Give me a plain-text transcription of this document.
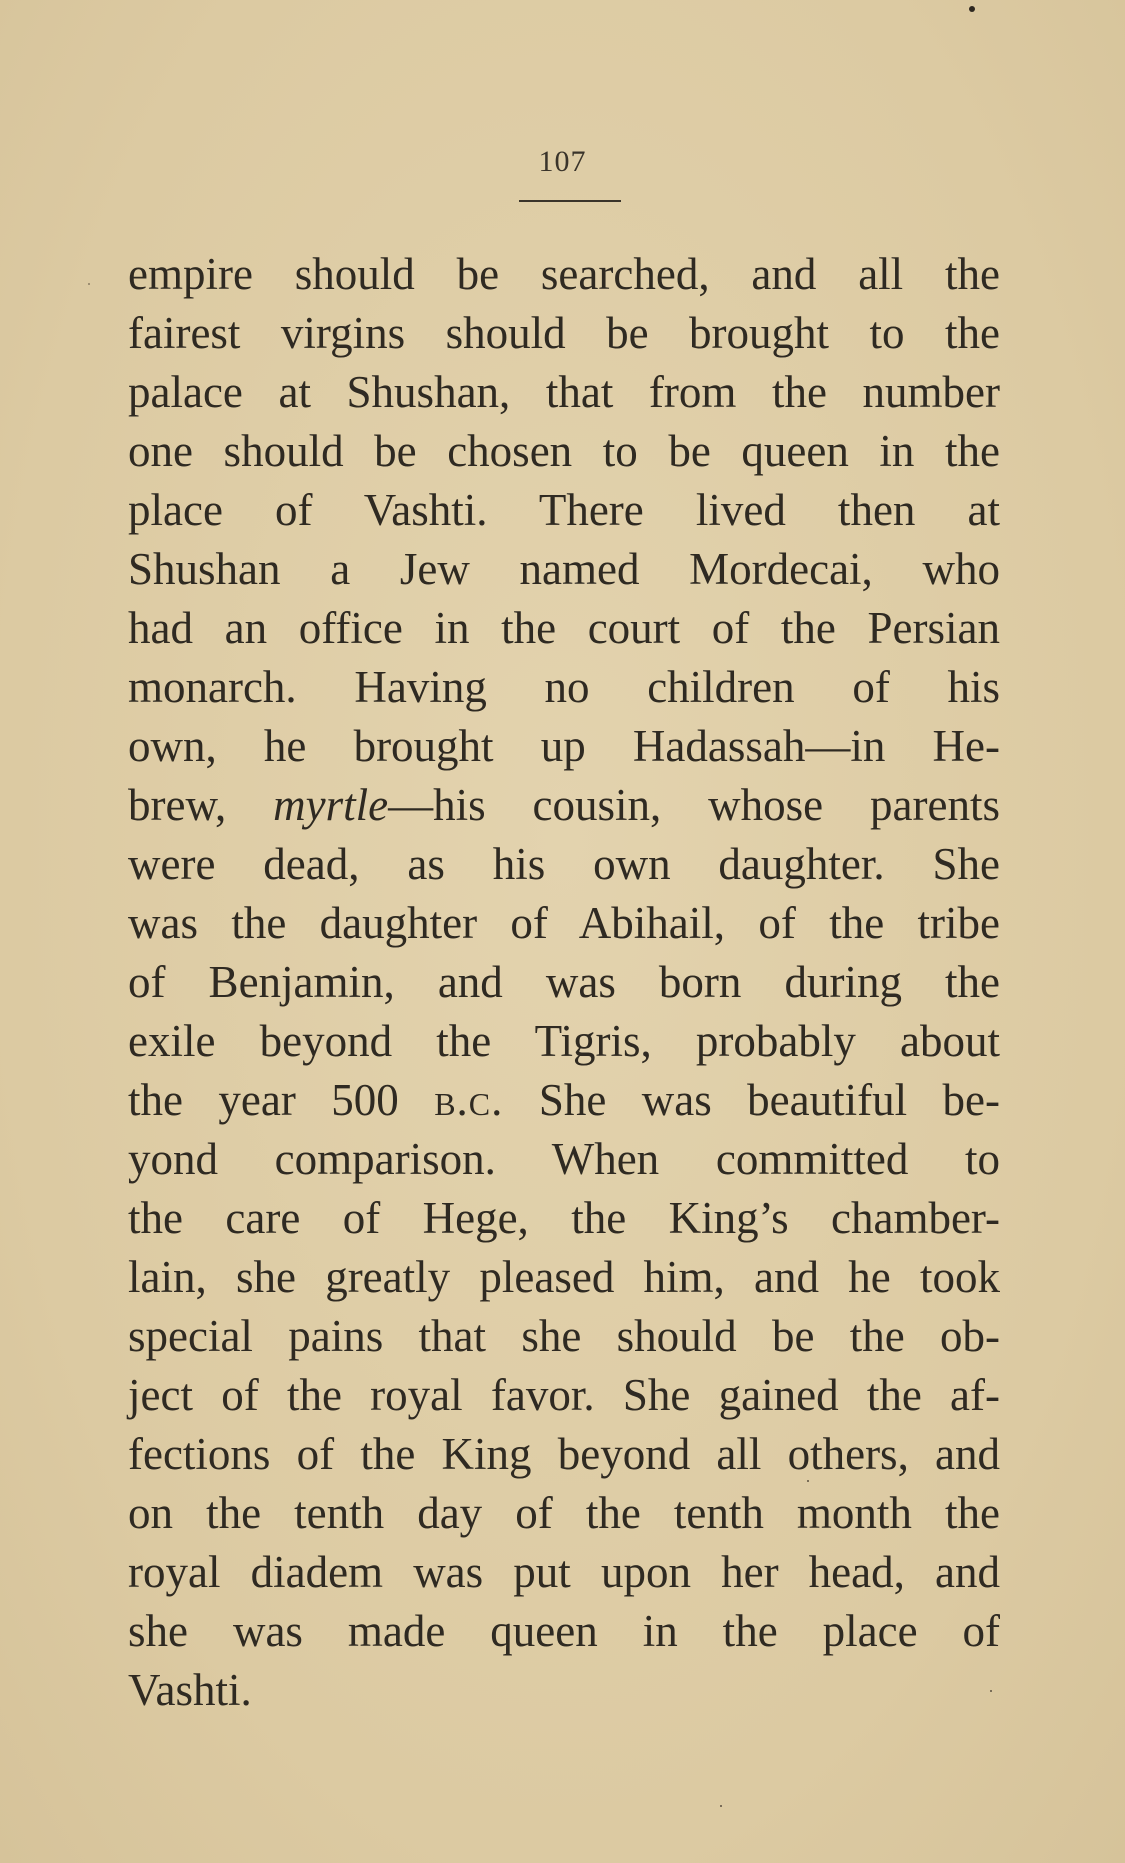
107
empire should be searched, and all the
fairest virgins should be brought to the
palace at Shushan, that from the number
one should be chosen to be queen in the
place of Vashti. There lived then at
Shushan a Jew named Mordecai, who
had an office in the court of the Persian
monarch. Having no children of his
own, he brought up Hadassah—in He-
brew, myrtle—his cousin, whose parents
were dead, as his own daughter. She
was the daughter of Abihail, of the tribe
of Benjamin, and was born during the
exile beyond the Tigris, probably about
the year 500 b.c. She was beautiful be-
yond comparison. When committed to
the care of Hege, the King’s chamber-
lain, she greatly pleased him, and he took
special pains that she should be the ob-
ject of the royal favor. She gained the af-
fections of the King beyond all others, and
on the tenth day of the tenth month the
royal diadem was put upon her head, and
she was made queen in the place of
Vashti.
